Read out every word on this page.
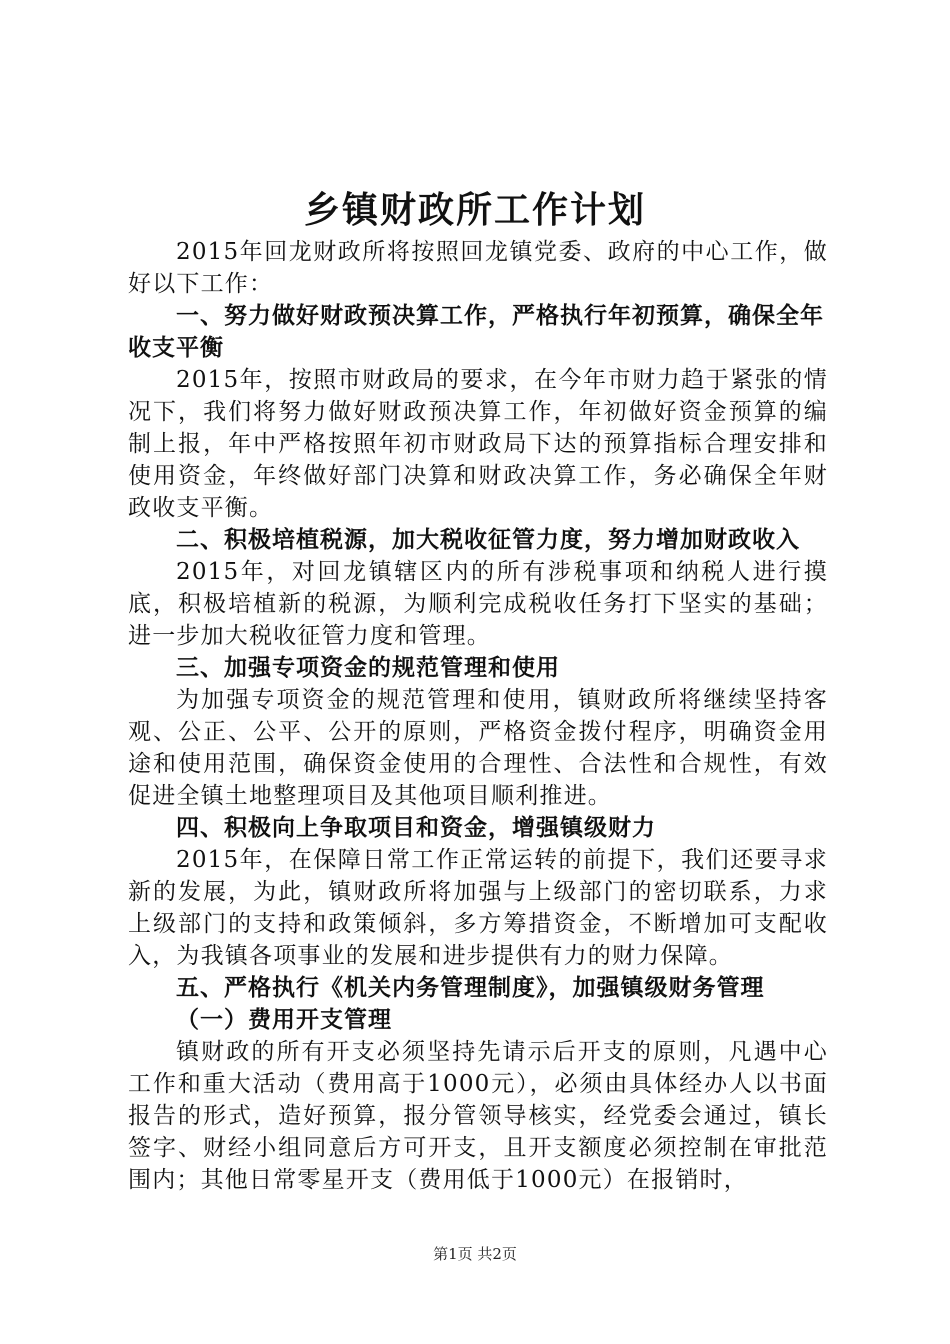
乡镇财政所工作计划

2015年回龙财政所将按照回龙镇党委、政府的中心工作，做好以下工作：

一、努力做好财政预决算工作，严格执行年初预算，确保全年收支平衡

2015年，按照市财政局的要求，在今年市财力趋于紧张的情况下，我们将努力做好财政预决算工作，年初做好资金预算的编制上报，年中严格按照年初市财政局下达的预算指标合理安排和使用资金，年终做好部门决算和财政决算工作，务必确保全年财政收支平衡。

二、积极培植税源，加大税收征管力度，努力增加财政收入

2015年，对回龙镇辖区内的所有涉税事项和纳税人进行摸底，积极培植新的税源，为顺利完成税收任务打下坚实的基础；进一步加大税收征管力度和管理。

三、加强专项资金的规范管理和使用

为加强专项资金的规范管理和使用，镇财政所将继续坚持客观、公正、公平、公开的原则，严格资金拨付程序，明确资金用途和使用范围，确保资金使用的合理性、合法性和合规性，有效促进全镇土地整理项目及其他项目顺利推进。

四、积极向上争取项目和资金，增强镇级财力

2015年，在保障日常工作正常运转的前提下，我们还要寻求新的发展，为此，镇财政所将加强与上级部门的密切联系，力求上级部门的支持和政策倾斜，多方筹措资金，不断增加可支配收入，为我镇各项事业的发展和进步提供有力的财力保障。

五、严格执行《机关内务管理制度》，加强镇级财务管理

（一）费用开支管理

镇财政的所有开支必须坚持先请示后开支的原则，凡遇中心工作和重大活动（费用高于1000元），必须由具体经办人以书面报告的形式，造好预算，报分管领导核实，经党委会通过，镇长签字、财经小组同意后方可开支，且开支额度必须控制在审批范围内；其他日常零星开支（费用低于1000元）在报销时，

第1页 共2页
